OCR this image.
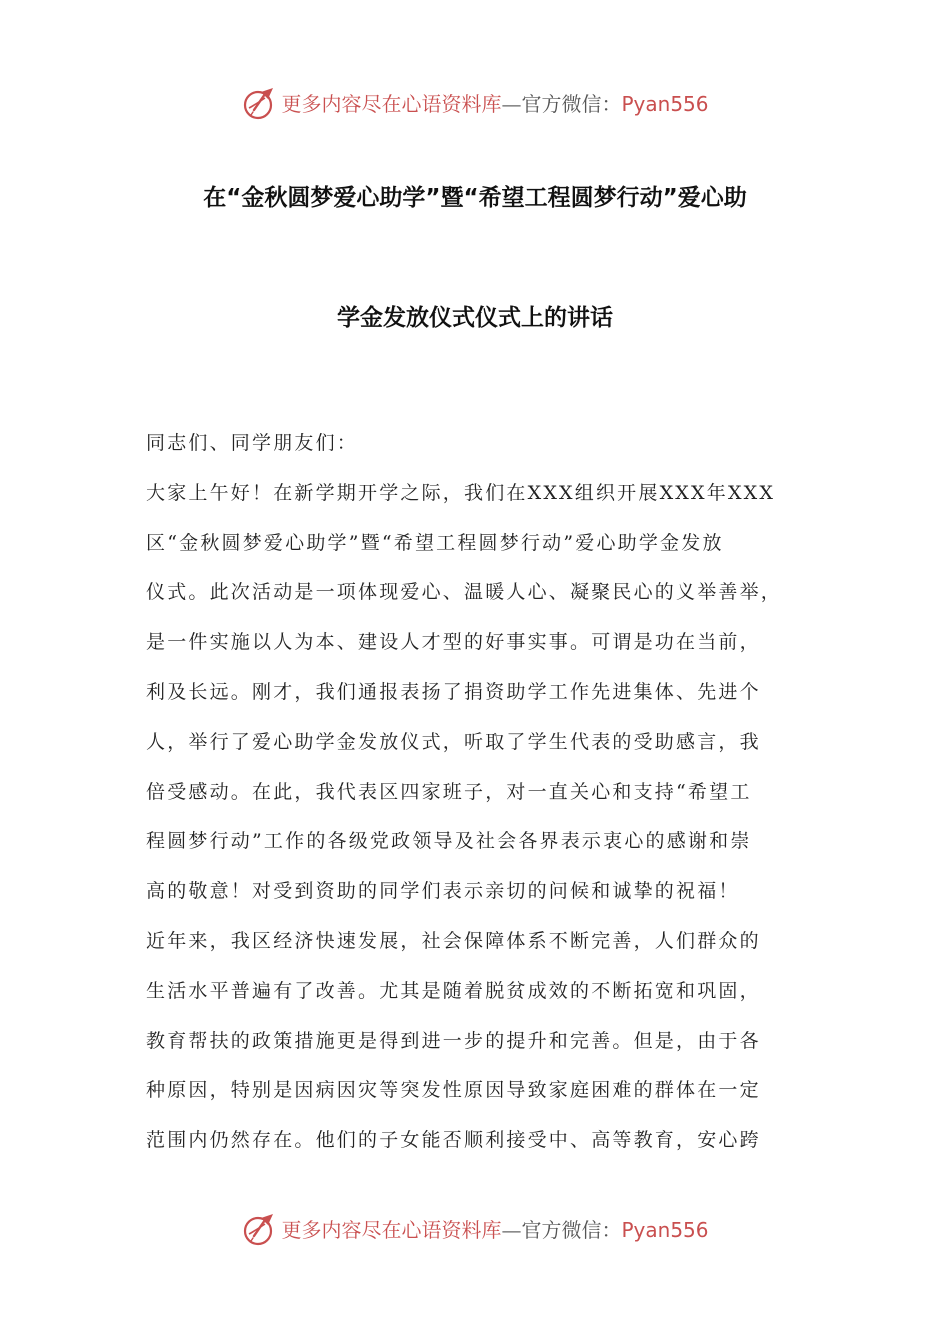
更多内容尽在心语资料库—官方微信：Pyan556
在“金秋圆梦爱心助学”暨“希望工程圆梦行动”爱心助
学金发放仪式仪式上的讲话
同志们、同学朋友们：
大家上午好！在新学期开学之际，我们在XXX组织开展XXX年XXX
区“金秋圆梦爱心助学”暨“希望工程圆梦行动”爱心助学金发放
仪式。此次活动是一项体现爱心、温暖人心、凝聚民心的义举善举，
是一件实施以人为本、建设人才型的好事实事。可谓是功在当前，
利及长远。刚才，我们通报表扬了捐资助学工作先进集体、先进个
人，举行了爱心助学金发放仪式，听取了学生代表的受助感言，我
倍受感动。在此，我代表区四家班子，对一直关心和支持“希望工
程圆梦行动”工作的各级党政领导及社会各界表示衷心的感谢和崇
高的敬意！对受到资助的同学们表示亲切的问候和诚挚的祝福！
近年来，我区经济快速发展，社会保障体系不断完善，人们群众的
生活水平普遍有了改善。尤其是随着脱贫成效的不断拓宽和巩固，
教育帮扶的政策措施更是得到进一步的提升和完善。但是，由于各
种原因，特别是因病因灾等突发性原因导致家庭困难的群体在一定
范围内仍然存在。他们的子女能否顺利接受中、高等教育，安心跨
更多内容尽在心语资料库—官方微信：Pyan556
